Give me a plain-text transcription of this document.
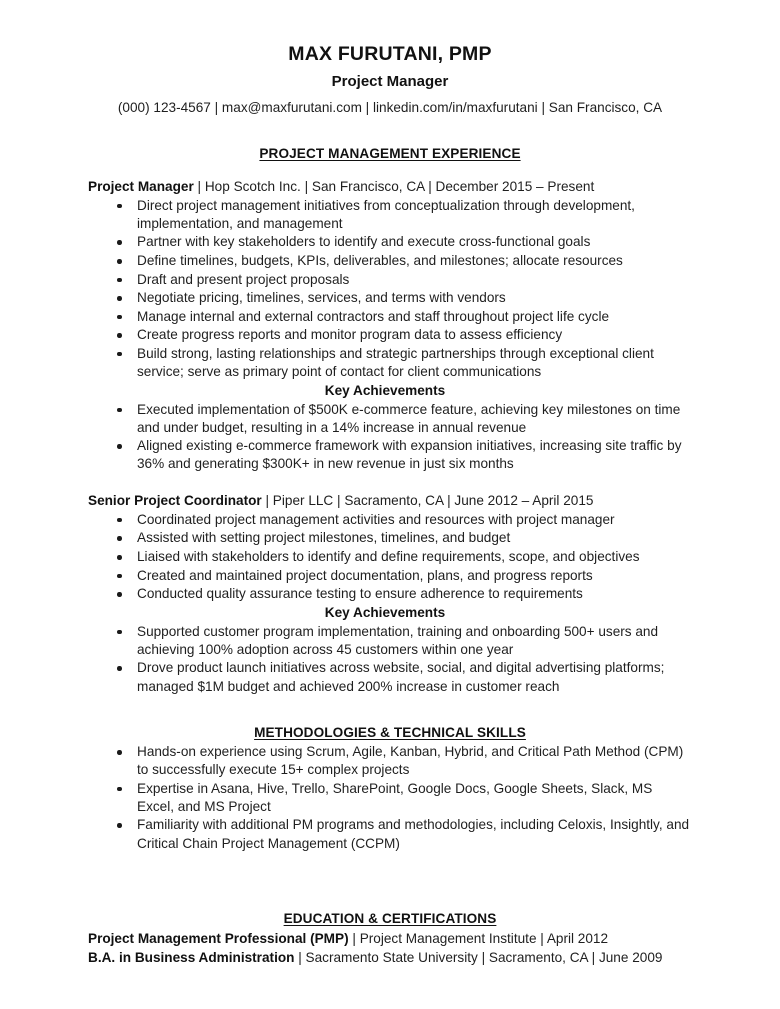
MAX FURUTANI, PMP
Project Manager
(000) 123-4567 | max@maxfurutani.com | linkedin.com/in/maxfurutani | San Francisco, CA
PROJECT MANAGEMENT EXPERIENCE

Project Manager | Hop Scotch Inc. | San Francisco, CA | December 2015 – Present

Direct project management initiatives from conceptualization through development, implementation, and management
Partner with key stakeholders to identify and execute cross-functional goals
Define timelines, budgets, KPIs, deliverables, and milestones; allocate resources
Draft and present project proposals
Negotiate pricing, timelines, services, and terms with vendors
Manage internal and external contractors and staff throughout project life cycle
Create progress reports and monitor program data to assess efficiency
Build strong, lasting relationships and strategic partnerships through exceptional client service; serve as primary point of contact for client communications
Key Achievements
Executed implementation of $500K e-commerce feature, achieving key milestones on time and under budget, resulting in a 14% increase in annual revenue
Aligned existing e-commerce framework with expansion initiatives, increasing site traffic by 36% and generating $300K+ in new revenue in just six months

Senior Project Coordinator | Piper LLC | Sacramento, CA | June 2012 – April 2015

Coordinated project management activities and resources with project manager
Assisted with setting project milestones, timelines, and budget
Liaised with stakeholders to identify and define requirements, scope, and objectives
Created and maintained project documentation, plans, and progress reports
Conducted quality assurance testing to ensure adherence to requirements
Key Achievements
Supported customer program implementation, training and onboarding 500+ users and achieving 100% adoption across 45 customers within one year
Drove product launch initiatives across website, social, and digital advertising platforms; managed $1M budget and achieved 200% increase in customer reach
METHODOLOGIES & TECHNICAL SKILLS
Hands-on experience using Scrum, Agile, Kanban, Hybrid, and Critical Path Method (CPM) to successfully execute 15+ complex projects
Expertise in Asana, Hive, Trello, SharePoint, Google Docs, Google Sheets, Slack, MS Excel, and MS Project
Familiarity with additional PM programs and methodologies, including Celoxis, Insightly, and Critical Chain Project Management (CCPM)
EDUCATION & CERTIFICATIONS

Project Management Professional (PMP) | Project Management Institute | April 2012

B.A. in Business Administration | Sacramento State University | Sacramento, CA | June 2009
